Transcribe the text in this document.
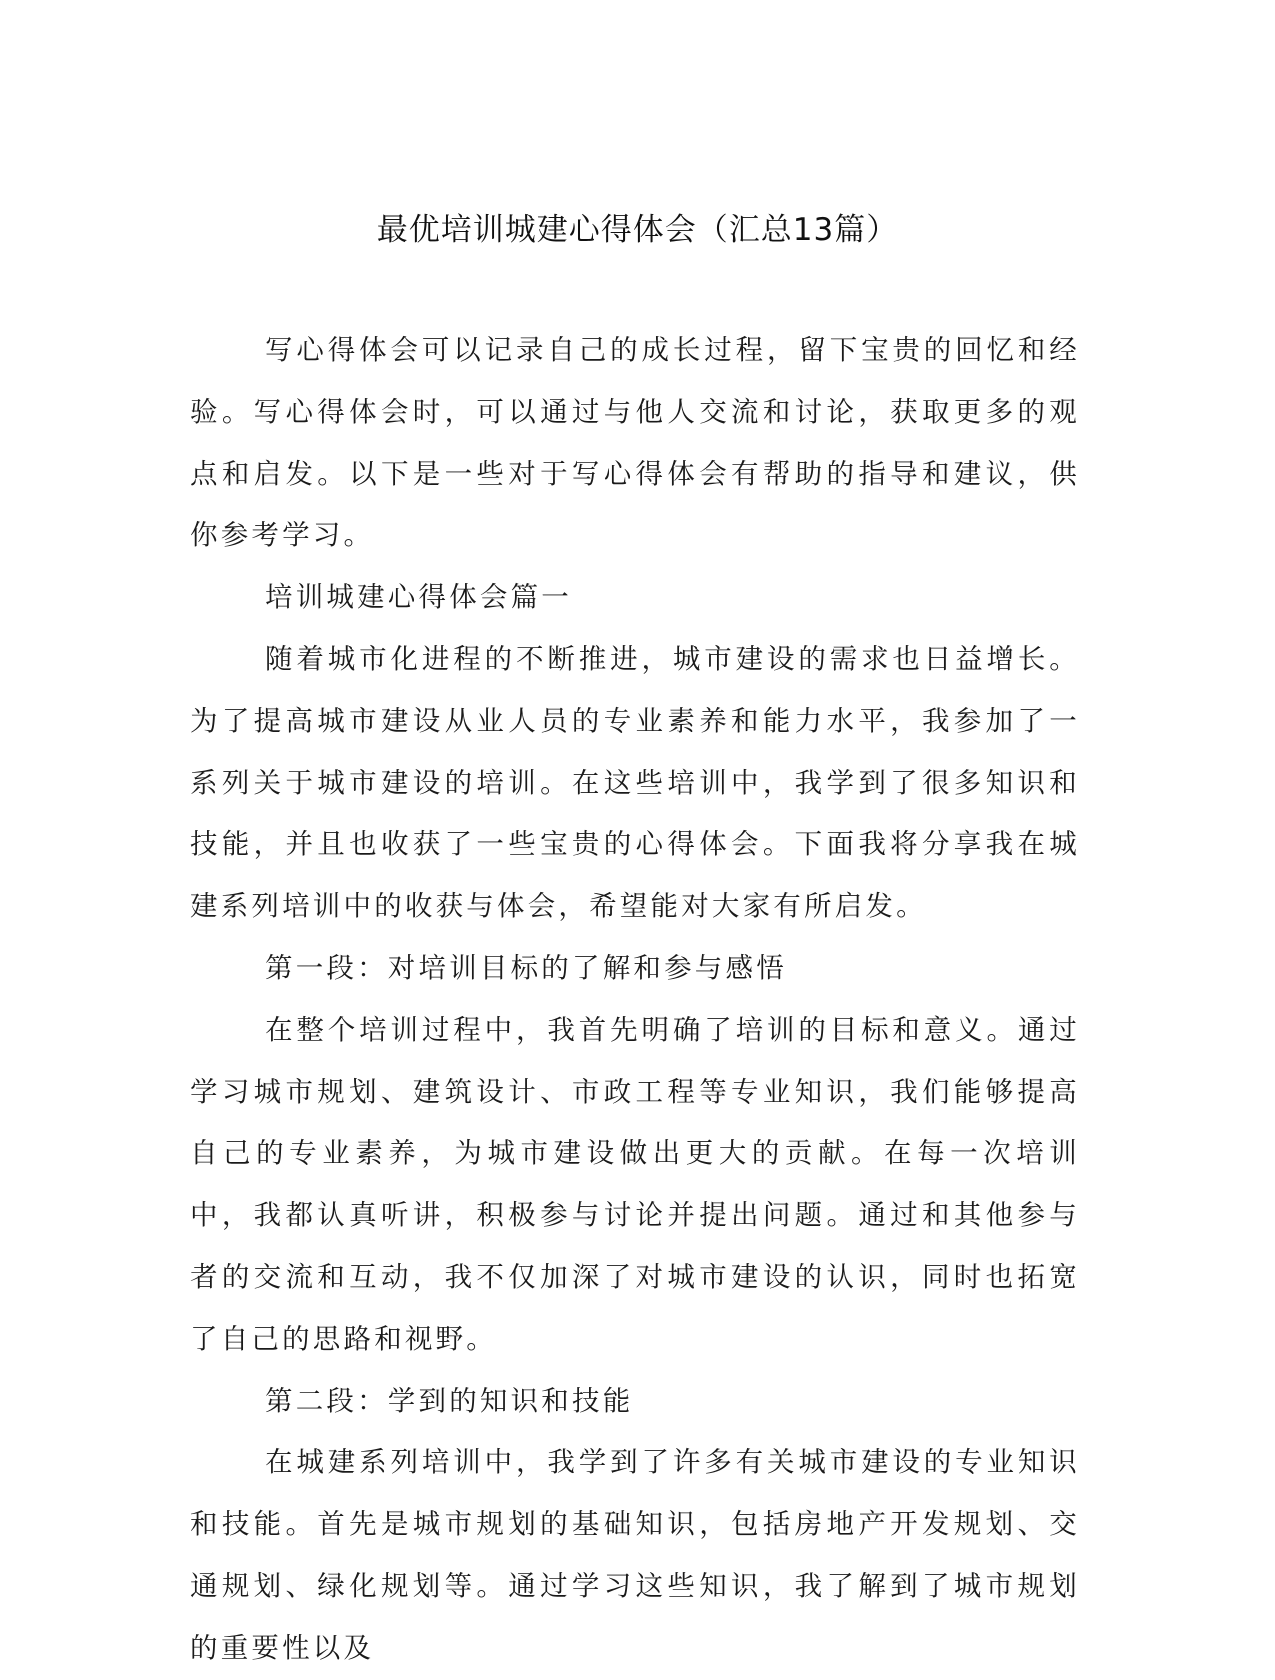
最优培训城建心得体会（汇总13篇）

写心得体会可以记录自己的成长过程，留下宝贵的回忆和经验。写心得体会时，可以通过与他人交流和讨论，获取更多的观点和启发。以下是一些对于写心得体会有帮助的指导和建议，供你参考学习。

培训城建心得体会篇一

随着城市化进程的不断推进，城市建设的需求也日益增长。为了提高城市建设从业人员的专业素养和能力水平，我参加了一系列关于城市建设的培训。在这些培训中，我学到了很多知识和技能，并且也收获了一些宝贵的心得体会。下面我将分享我在城建系列培训中的收获与体会，希望能对大家有所启发。

第一段：对培训目标的了解和参与感悟

在整个培训过程中，我首先明确了培训的目标和意义。通过学习城市规划、建筑设计、市政工程等专业知识，我们能够提高自己的专业素养，为城市建设做出更大的贡献。在每一次培训中，我都认真听讲，积极参与讨论并提出问题。通过和其他参与者的交流和互动，我不仅加深了对城市建设的认识，同时也拓宽了自己的思路和视野。

第二段：学到的知识和技能

在城建系列培训中，我学到了许多有关城市建设的专业知识和技能。首先是城市规划的基础知识，包括房地产开发规划、交通规划、绿化规划等。通过学习这些知识，我了解到了城市规划的重要性以及
